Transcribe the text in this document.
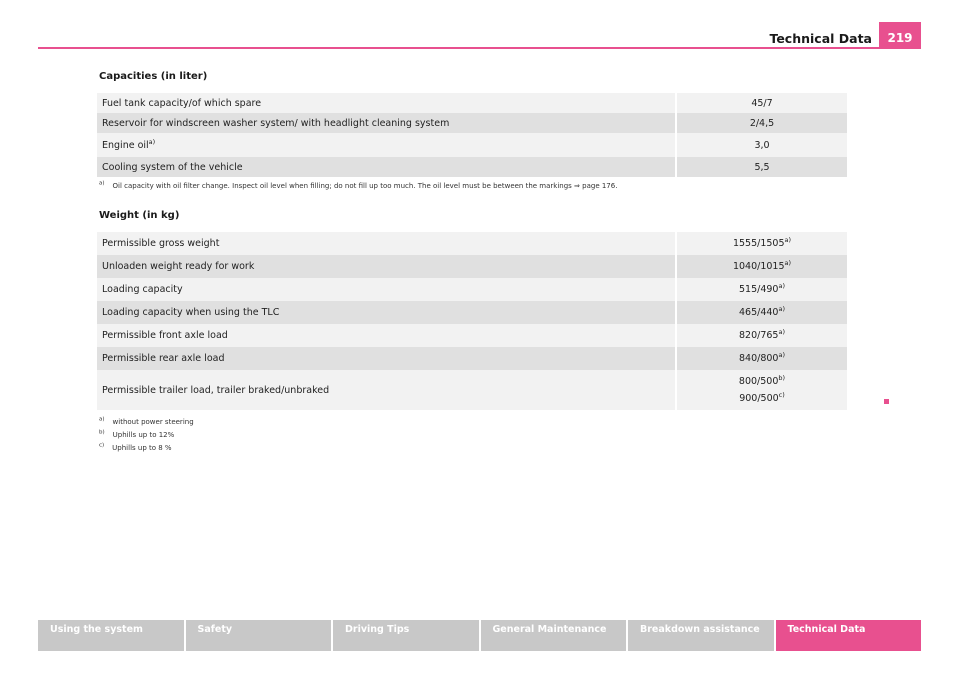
Technical Data	219
Capacities (in liter)
Fuel tank capacity/of which spare	45/7
Reservoir for windscreen washer system/ with headlight cleaning system	2/4,5
Engine oil$^{a)}$	3,0
Cooling system of the vehicle	5,5
$^{a)}$ Oil capacity with oil filter change. Inspect oil level when filling; do not fill up too much. The oil level must be between the markings ⇒ page 176.
Weight (in kg)
Permissible gross weight	1555/1505$^{a)}$
Unloaden weight ready for work	1040/1015$^{a)}$
Loading capacity	515/490$^{a)}$
Loading capacity when using the TLC	465/440$^{a)}$
Permissible front axle load	820/765$^{a)}$
Permissible rear axle load	840/800$^{a)}$
Permissible trailer load, trailer braked/unbraked	800/500$^{b)}$
900/500$^{c)}$
$^{a)}$ without power steering
$^{b)}$ Uphills up to 12%
$^{c)}$ Uphills up to 8 %
Using the system	Safety	Driving Tips	General Maintenance	Breakdown assistance	Technical Data
